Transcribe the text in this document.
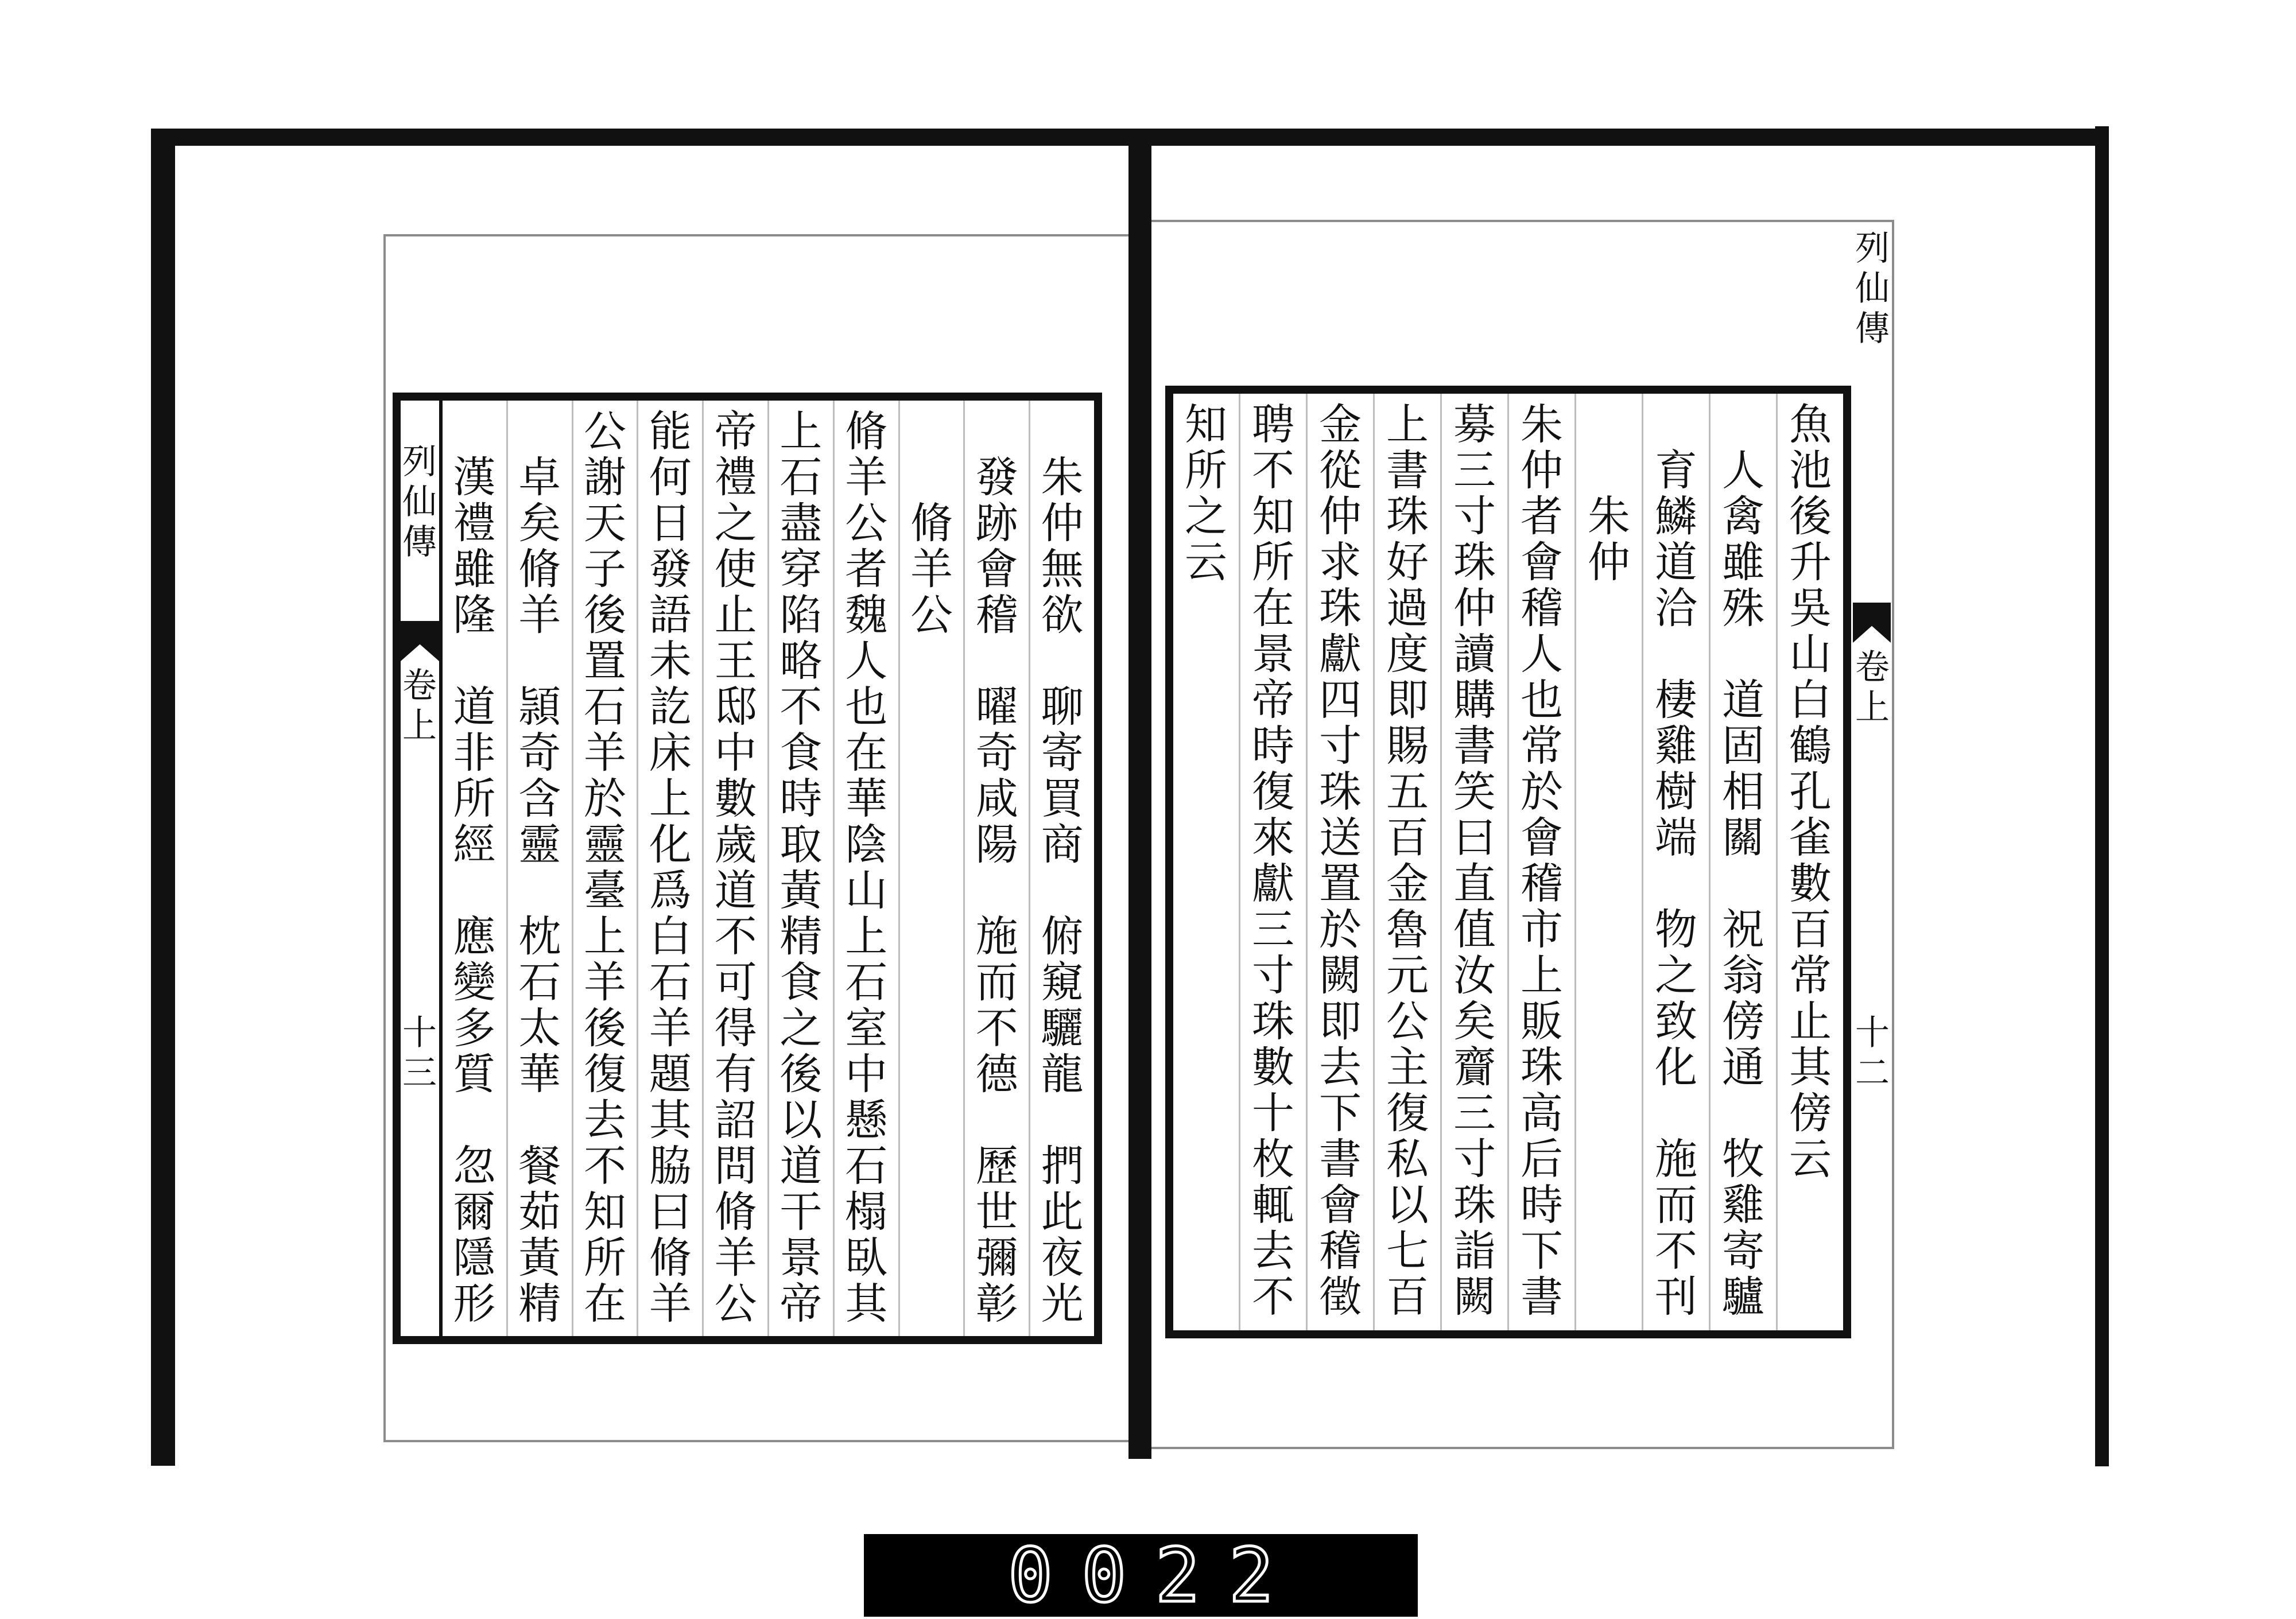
朱
仲
無
欲

聊
寄
買
商

俯
窺
驪
龍

捫
此
夜
光
發
跡
會
稽

曜
奇
咸
陽

施
而
不
德

歷
世
彌
彰
脩
羊
公
脩
羊
公
者
魏
人
也
在
華
陰
山
上
石
室
中
懸
石
榻
臥
其
上
石
盡
穿
陷
略
不
食
時
取
黃
精
食
之
後
以
道
干
景
帝
帝
禮
之
使
止
王
邸
中
數
歲
道
不
可
得
有
詔
問
脩
羊
公
能
何
日
發
語
未
訖
床
上
化
爲
白
石
羊
題
其
脇
曰
脩
羊
公
謝
天
子
後
置
石
羊
於
靈
臺
上
羊
後
復
去
不
知
所
在
卓
矣
脩
羊

頴
奇
含
靈

枕
石
太
華

餐
茹
黃
精
漢
禮
雖
隆

道
非
所
經

應
變
多
質

忽
爾
隱
形
列
仙
傳
卷
上
十
三
魚
池
後
升
吳
山
白
鶴
孔
雀
數
百
常
止
其
傍
云
人
禽
雖
殊

道
固
相
關

祝
翁
傍
通

牧
雞
寄
驢
育
鱗
道
洽

棲
雞
樹
端

物
之
致
化

施
而
不
刊
朱
仲
朱
仲
者
會
稽
人
也
常
於
會
稽
市
上
販
珠
高
后
時
下
書
募
三
寸
珠
仲
讀
購
書
笑
曰
直
值
汝
矣
齎
三
寸
珠
詣
闕
上
書
珠
好
過
度
即
賜
五
百
金
魯
元
公
主
復
私
以
七
百
金
從
仲
求
珠
獻
四
寸
珠
送
置
於
闕
即
去
下
書
會
稽
徵
聘
不
知
所
在
景
帝
時
復
來
獻
三
寸
珠
數
十
枚
輒
去
不
知
所
之
云
列
仙
傳
卷
上
十
二
0022
